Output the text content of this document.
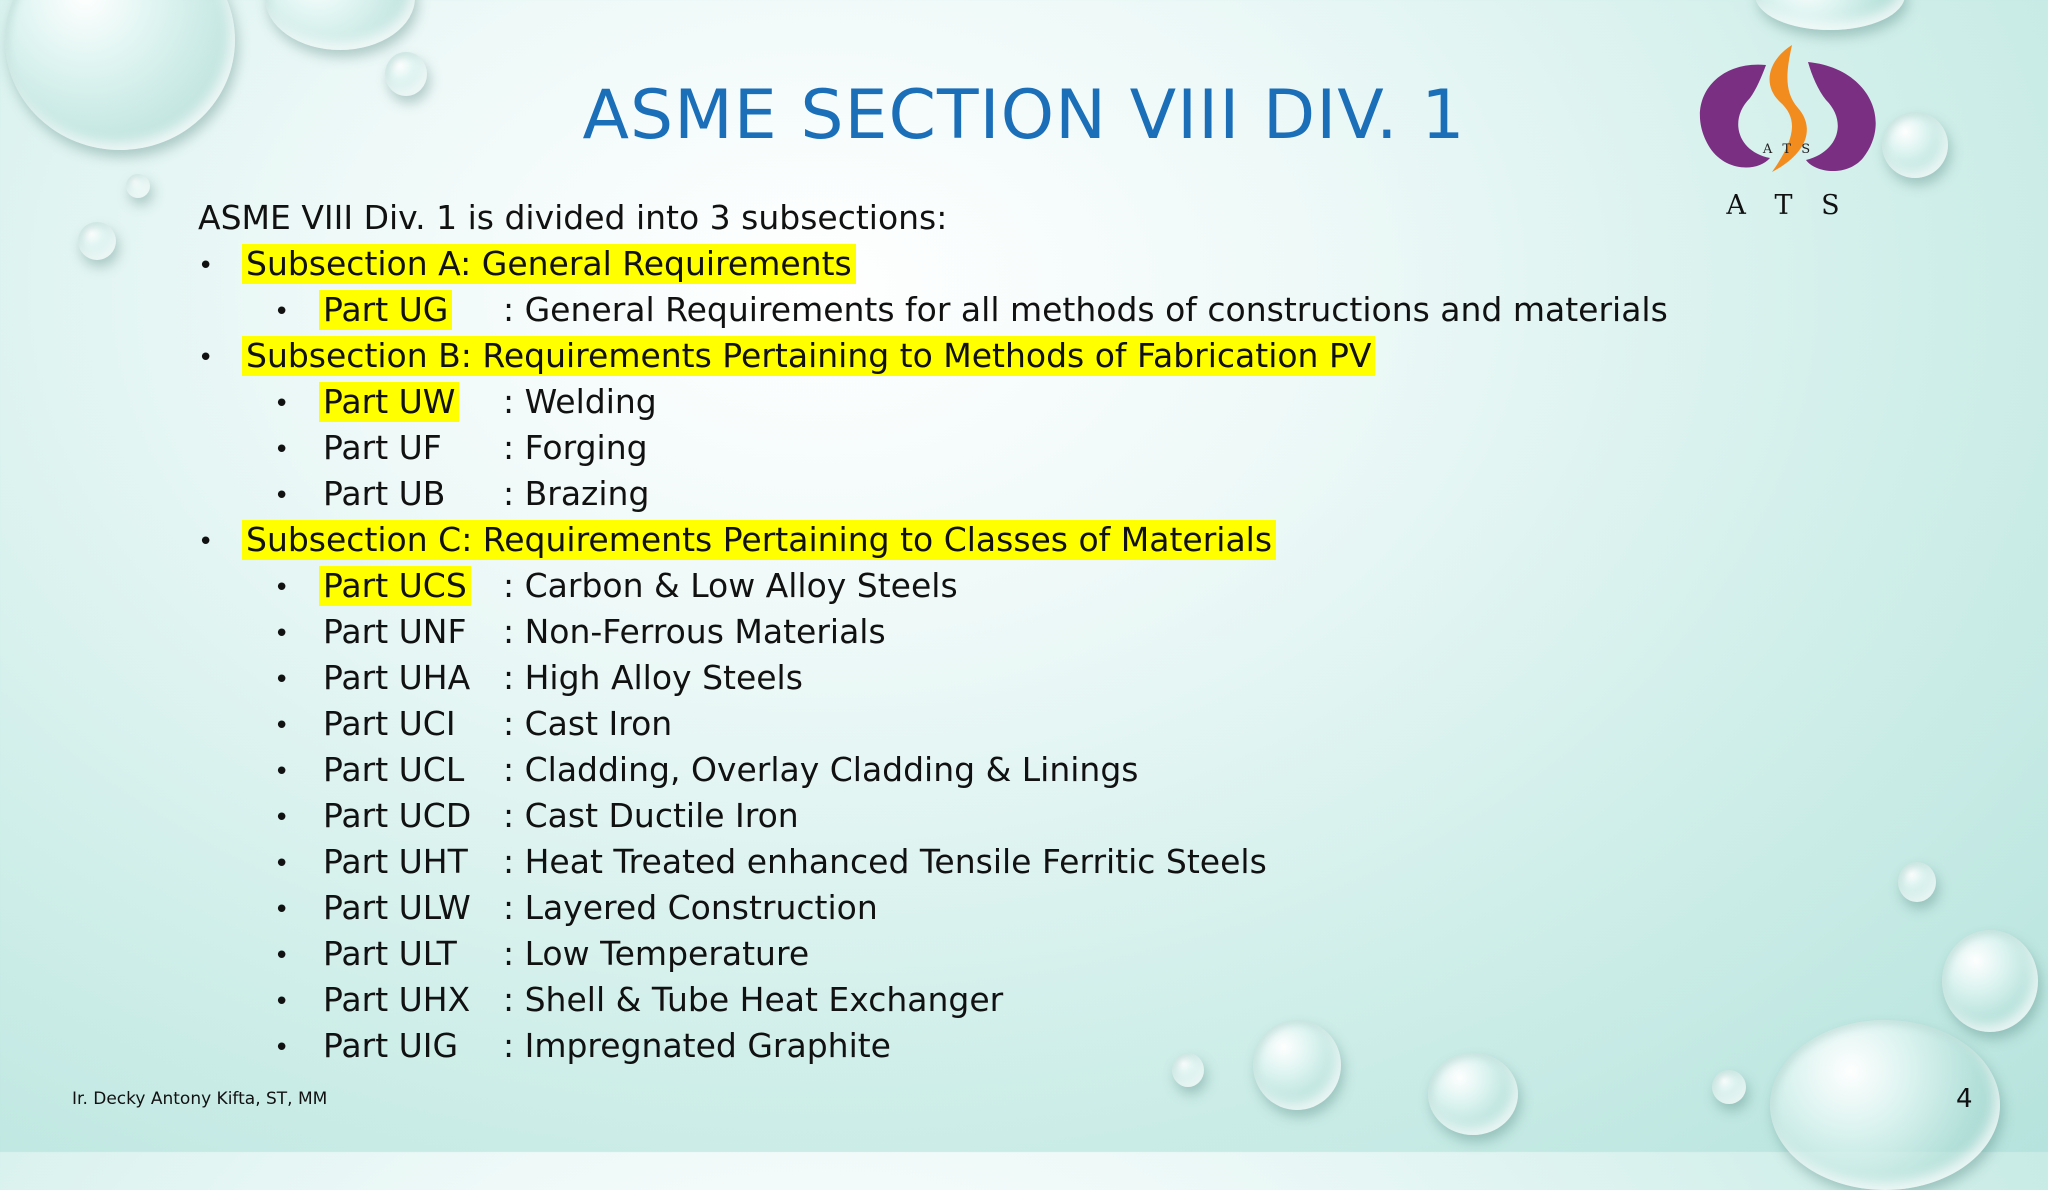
A T S
A T S
ASME SECTION VIII DIV. 1

ASME VIII Div. 1 is divided into 3 subsections:

• Subsection A: General Requirements
• Part UG : General Requirements for all methods of constructions and materials
• Subsection B: Requirements Pertaining to Methods of Fabrication PV
• Part UW : Welding
• Part UF : Forging
• Part UB : Brazing
• Subsection C: Requirements Pertaining to Classes of Materials
• Part UCS : Carbon & Low Alloy Steels
• Part UNF : Non-Ferrous Materials
• Part UHA : High Alloy Steels
• Part UCI : Cast Iron
• Part UCL : Cladding, Overlay Cladding & Linings
• Part UCD : Cast Ductile Iron
• Part UHT : Heat Treated enhanced Tensile Ferritic Steels
• Part ULW : Layered Construction
• Part ULT : Low Temperature
• Part UHX : Shell & Tube Heat Exchanger
• Part UIG : Impregnated Graphite
Ir. Decky Antony Kifta, ST, MM	4
